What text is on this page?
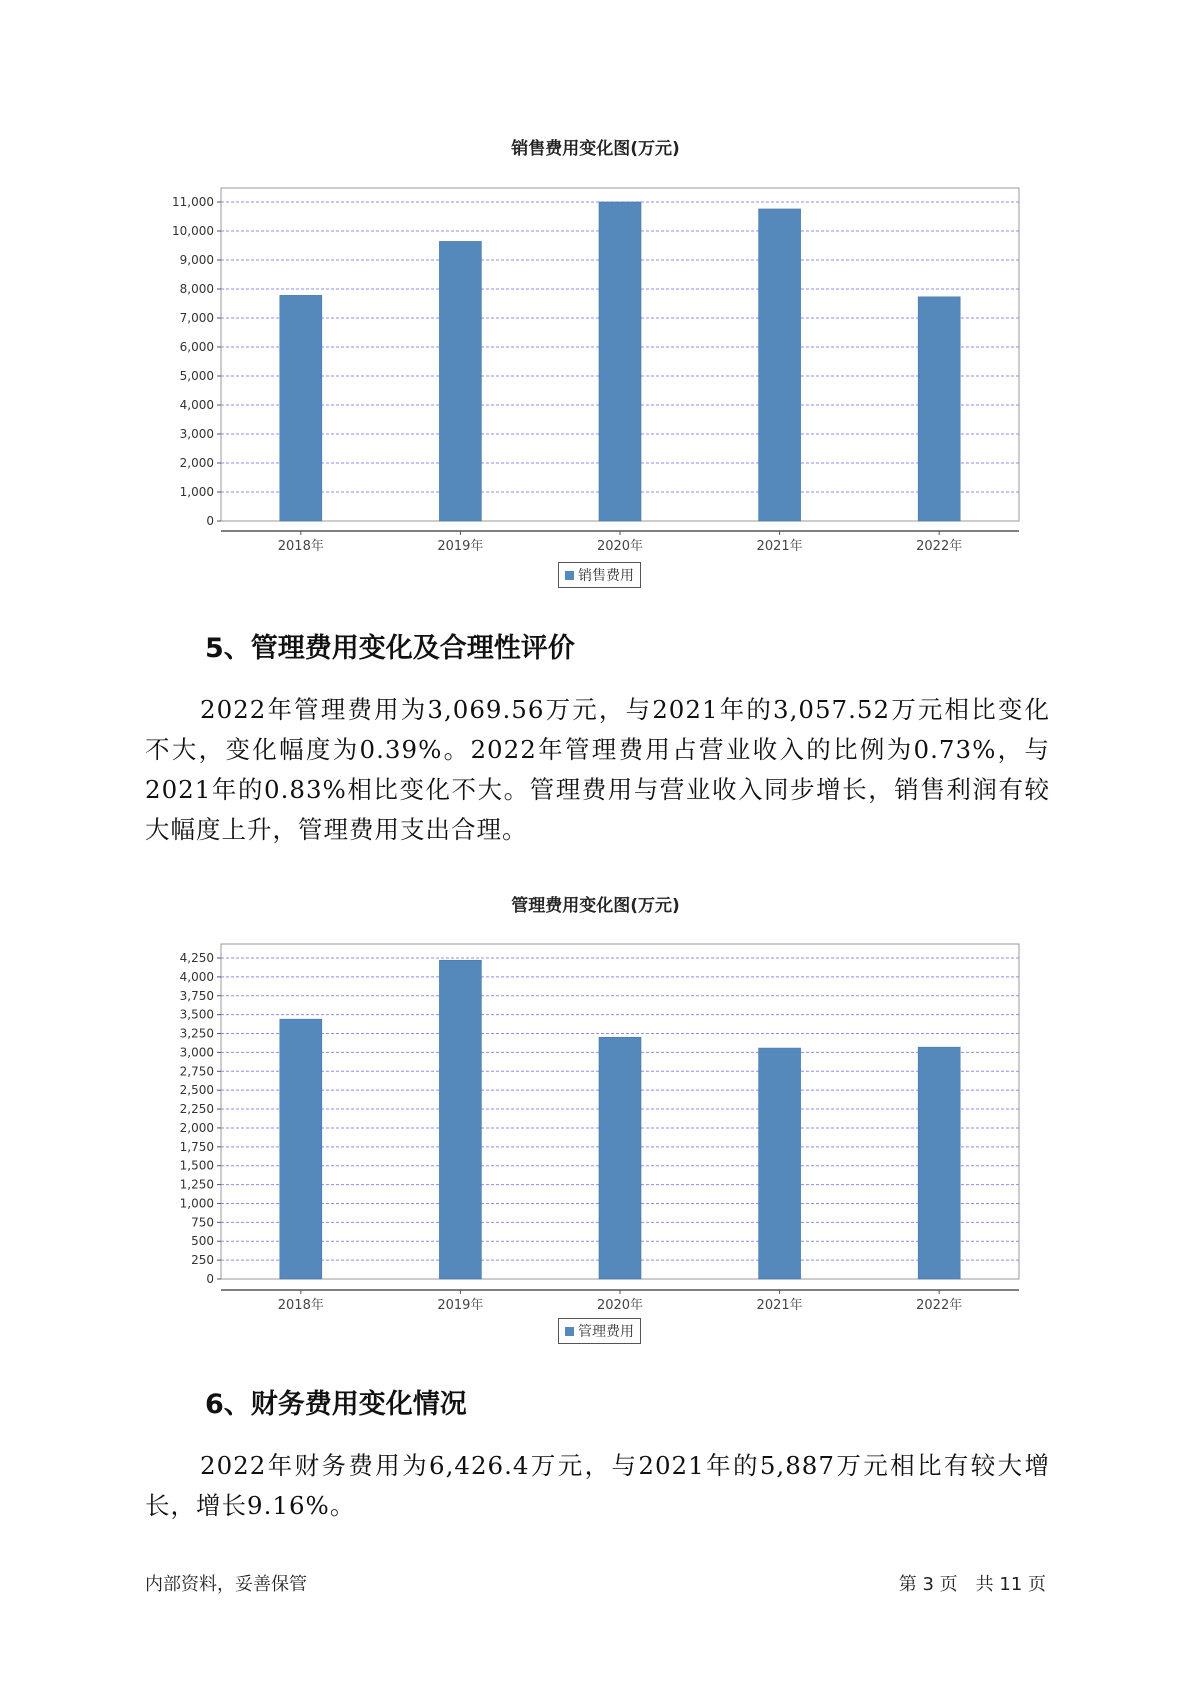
销售费用变化图(万元)
0
1,000
2,000
3,000
4,000
5,000
6,000
7,000
8,000
9,000
10,000
11,000
2018年	2019年	2020年	2021年	2022年
销售费用
5、管理费用变化及合理性评价

2022年管理费用为3,069.56万元，与2021年的3,057.52万元相比变化不大，变化幅度为0.39%。2022年管理费用占营业收入的比例为0.73%，与2021年的0.83%相比变化不大。管理费用与营业收入同步增长，销售利润有较大幅度上升，管理费用支出合理。

管理费用变化图(万元)
0
250
500
750
1,000
1,250
1,500
1,750
2,000
2,250
2,500
2,750
3,000
3,250
3,500
3,750
4,000
4,250
2018年	2019年	2020年	2021年	2022年
管理费用
6、财务费用变化情况

2022年财务费用为6,426.4万元，与2021年的5,887万元相比有较大增长，增长9.16%。

内部资料，妥善保管	第 3 页　共 11 页
